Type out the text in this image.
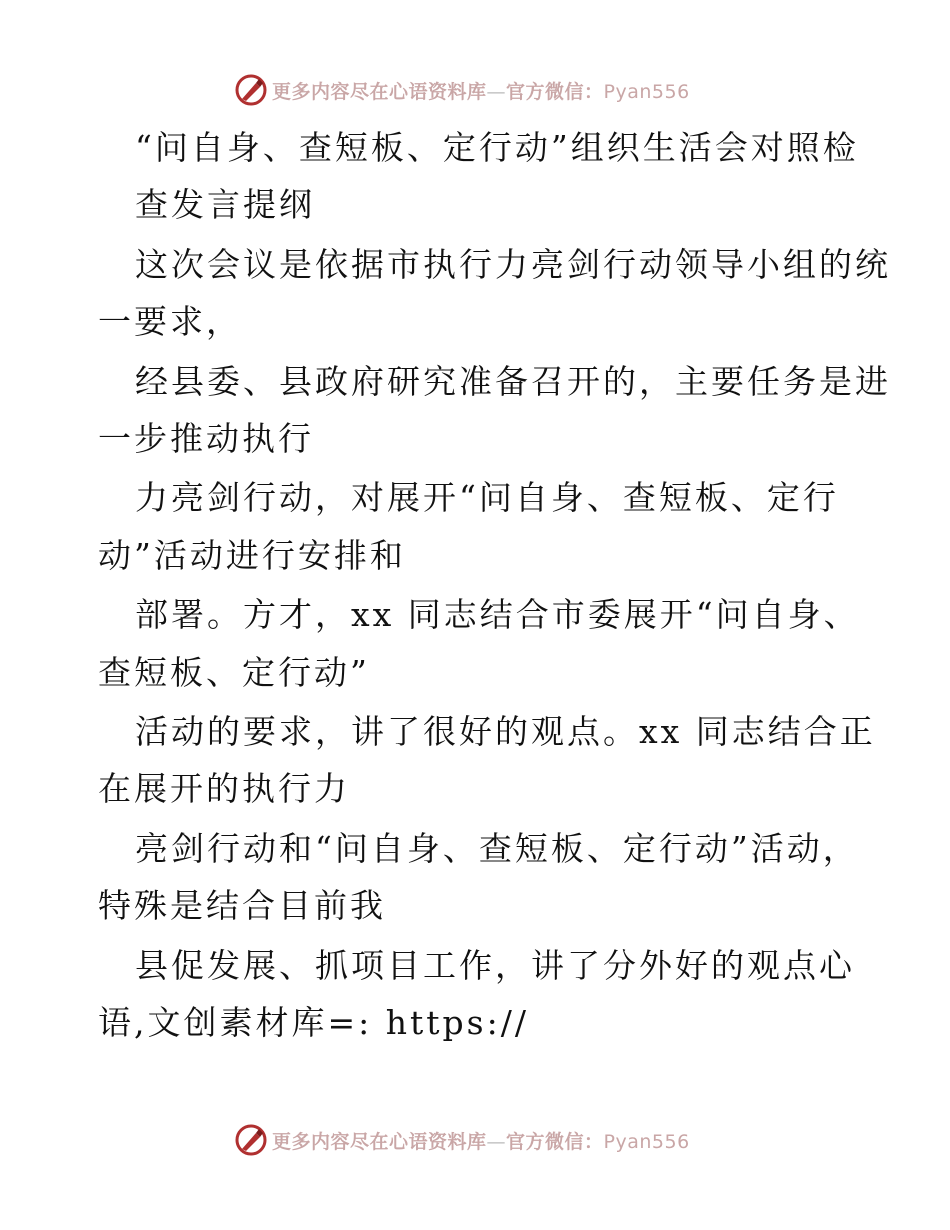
更多内容尽在心语资料库—官方微信：Pyan556
“问自身、查短板、定行动”组织生活会对照检
查发言提纲
这次会议是依据市执行力亮剑行动领导小组的统
一要求，
经县委、县政府研究准备召开的，主要任务是进
一步推动执行
力亮剑行动，对展开“问自身、查短板、定行
动”活动进行安排和
部署。方才，xx 同志结合市委展开“问自身、
查短板、定行动”
活动的要求，讲了很好的观点。xx 同志结合正
在展开的执行力
亮剑行动和“问自身、查短板、定行动”活动，
特殊是结合目前我
县促发展、抓项目工作，讲了分外好的观点心
语,文创素材库=: https://
更多内容尽在心语资料库—官方微信：Pyan556
